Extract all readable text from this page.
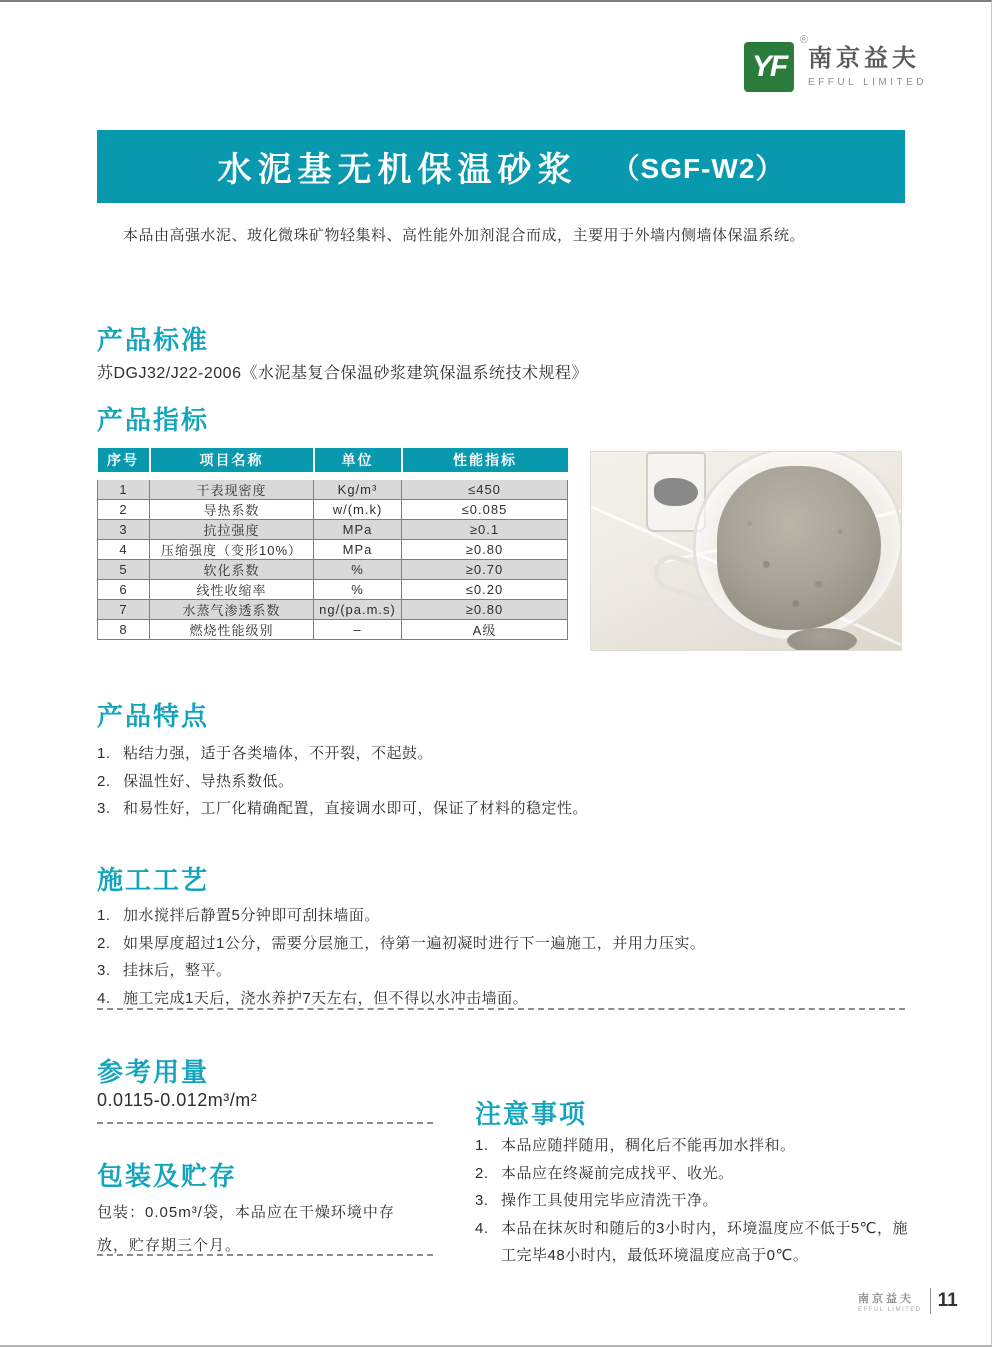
YF
®
南京益夫
EFFUL LIMITED
水泥基无机保温砂浆 （SGF-W2）

本品由高强水泥、玻化微珠矿物轻集料、高性能外加剂混合而成，主要用于外墙内侧墙体保温系统。

产品标准

苏DGJ32/J22-2006《水泥基复合保温砂浆建筑保温系统技术规程》

产品指标
序号	项目名称	单位	性能指标
1	干表现密度	Kg/m³	≤450
2	导热系数	w/(m.k)	≤0.085
3	抗拉强度	MPa	≥0.1
4	压缩强度（变形10%）	MPa	≥0.80
5	软化系数	%	≥0.70
6	线性收缩率	%	≤0.20
7	水蒸气渗透系数	ng/(pa.m.s)	≥0.80
8	燃烧性能级别	–	A级
产品特点
1. 粘结力强，适于各类墙体，不开裂，不起鼓。
2. 保温性好、导热系数低。
3. 和易性好，工厂化精确配置，直接调水即可，保证了材料的稳定性。
施工工艺
1. 加水搅拌后静置5分钟即可刮抹墙面。
2. 如果厚度超过1公分，需要分层施工，待第一遍初凝时进行下一遍施工，并用力压实。
3. 挂抹后，整平。
4. 施工完成1天后，浇水养护7天左右，但不得以水冲击墙面。
参考用量
0.0115-0.012m³/m²
包装及贮存

包装：0.05m³/袋，本品应在干燥环境中存放，贮存期三个月。

注意事项
1. 本品应随拌随用，稠化后不能再加水拌和。
2. 本品应在终凝前完成找平、收光。
3. 操作工具使用完毕应清洗干净。
4. 本品在抹灰时和随后的3小时内，环境温度应不低于5℃，施工完毕48小时内，最低环境温度应高于0℃。
南京益夫
EFFUL LIMITED 11
